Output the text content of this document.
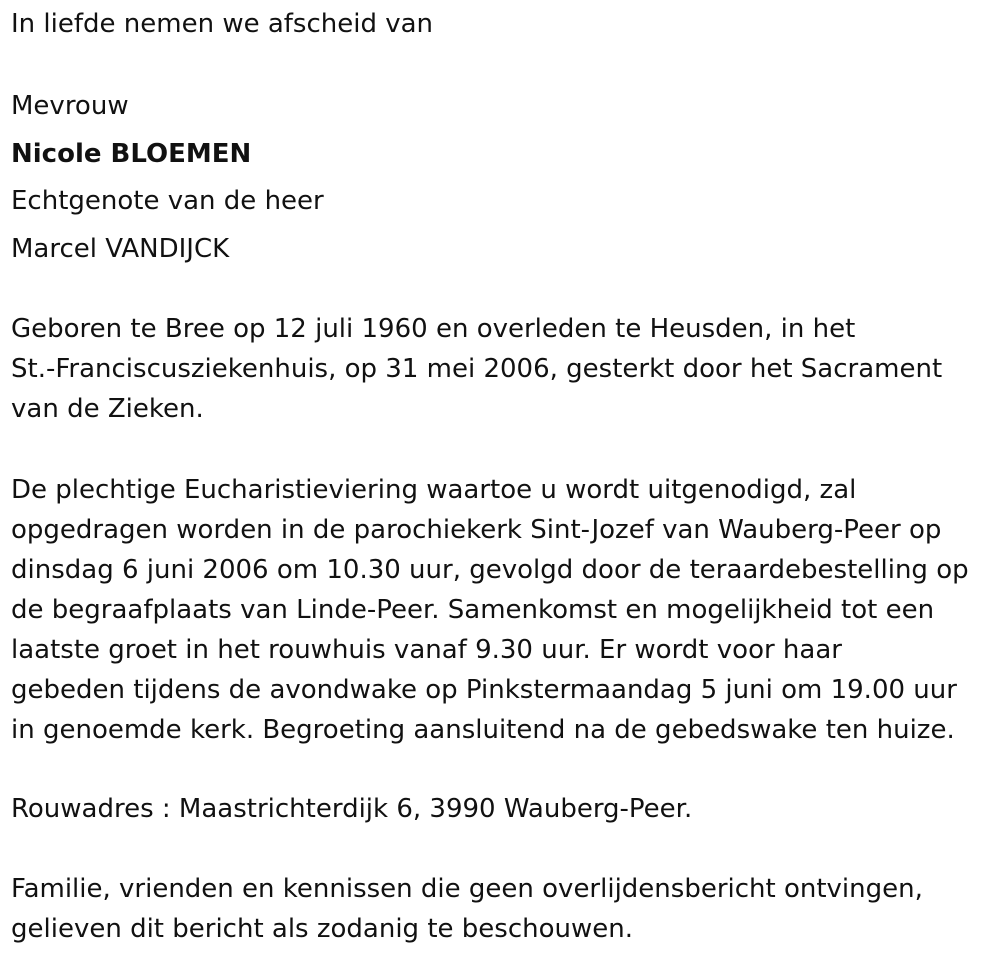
In liefde nemen we afscheid van
Mevrouw
Nicole BLOEMEN
Echtgenote van de heer
Marcel VANDIJCK
Geboren te Bree op 12 juli 1960 en overleden te Heusden, in het
St.-Franciscusziekenhuis, op 31 mei 2006, gesterkt door het Sacrament
van de Zieken.
De plechtige Eucharistieviering waartoe u wordt uitgenodigd, zal
opgedragen worden in de parochiekerk Sint-Jozef van Wauberg-Peer op
dinsdag 6 juni 2006 om 10.30 uur, gevolgd door de teraardebestelling op
de begraafplaats van Linde-Peer. Samenkomst en mogelijkheid tot een
laatste groet in het rouwhuis vanaf 9.30 uur. Er wordt voor haar
gebeden tijdens de avondwake op Pinkstermaandag 5 juni om 19.00 uur
in genoemde kerk. Begroeting aansluitend na de gebedswake ten huize.
Rouwadres : Maastrichterdijk 6, 3990 Wauberg-Peer.
Familie, vrienden en kennissen die geen overlijdensbericht ontvingen,
gelieven dit bericht als zodanig te beschouwen.
